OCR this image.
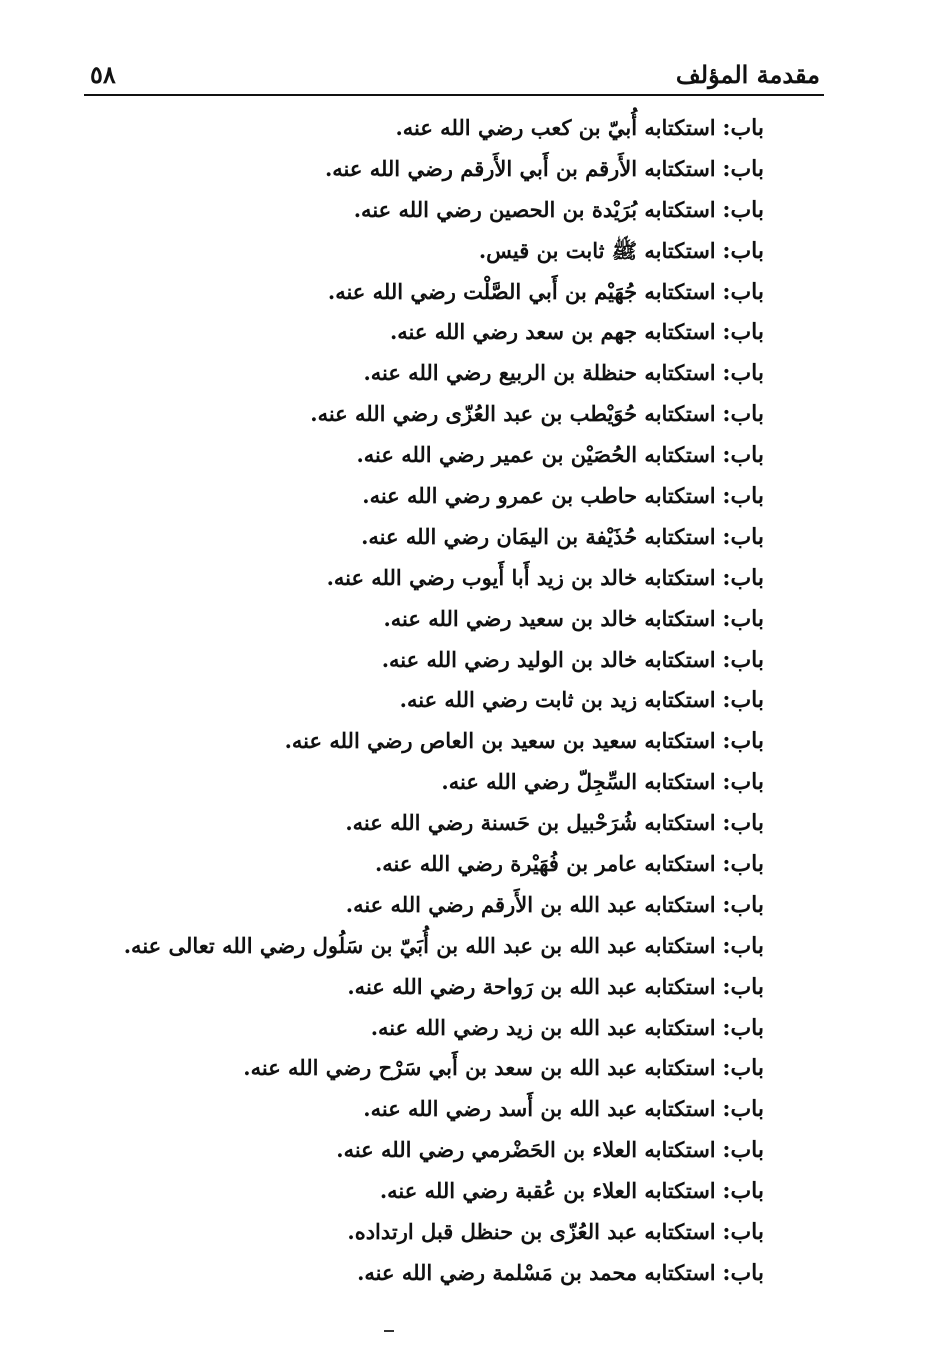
٥٨	مقدمة المؤلف
باب: استكتابه أُبيّ بن كعب رضي الله عنه.
باب: استكتابه الأَرقم بن أَبي الأَرقم رضي الله عنه.
باب: استكتابه بُرَيْدة بن الحصين رضي الله عنه.
باب: استكتابه ﷺ ثابت بن قيس.
باب: استكتابه جُهَيْم بن أَبي الصَّلْت رضي الله عنه.
باب: استكتابه جهم بن سعد رضي الله عنه.
باب: استكتابه حنظلة بن الربيع رضي الله عنه.
باب: استكتابه حُوَيْطب بن عبد العُزّى رضي الله عنه.
باب: استكتابه الحُصَيْن بن عمير رضي الله عنه.
باب: استكتابه حاطب بن عمرو رضي الله عنه.
باب: استكتابه حُذَيْفة بن اليمَان رضي الله عنه.
باب: استكتابه خالد بن زيد أَبا أَيوب رضي الله عنه.
باب: استكتابه خالد بن سعيد رضي الله عنه.
باب: استكتابه خالد بن الوليد رضي الله عنه.
باب: استكتابه زيد بن ثابت رضي الله عنه.
باب: استكتابه سعيد بن سعيد بن العاص رضي الله عنه.
باب: استكتابه السِّجِلّ رضي الله عنه.
باب: استكتابه شُرَحْبيل بن حَسنة رضي الله عنه.
باب: استكتابه عامر بن فُهَيْرة رضي الله عنه.
باب: استكتابه عبد الله بن الأَرقم رضي الله عنه.
باب: استكتابه عبد الله بن عبد الله بن أُبَيّ بن سَلُول رضي الله تعالى عنه.
باب: استكتابه عبد الله بن رَواحة رضي الله عنه.
باب: استكتابه عبد الله بن زيد رضي الله عنه.
باب: استكتابه عبد الله بن سعد بن أَبي سَرْح رضي الله عنه.
باب: استكتابه عبد الله بن أَسد رضي الله عنه.
باب: استكتابه العلاء بن الحَضْرمي رضي الله عنه.
باب: استكتابه العلاء بن عُقبة رضي الله عنه.
باب: استكتابه عبد العُزّى بن حنظل قبل ارتداده.
باب: استكتابه محمد بن مَسْلمة رضي الله عنه.
